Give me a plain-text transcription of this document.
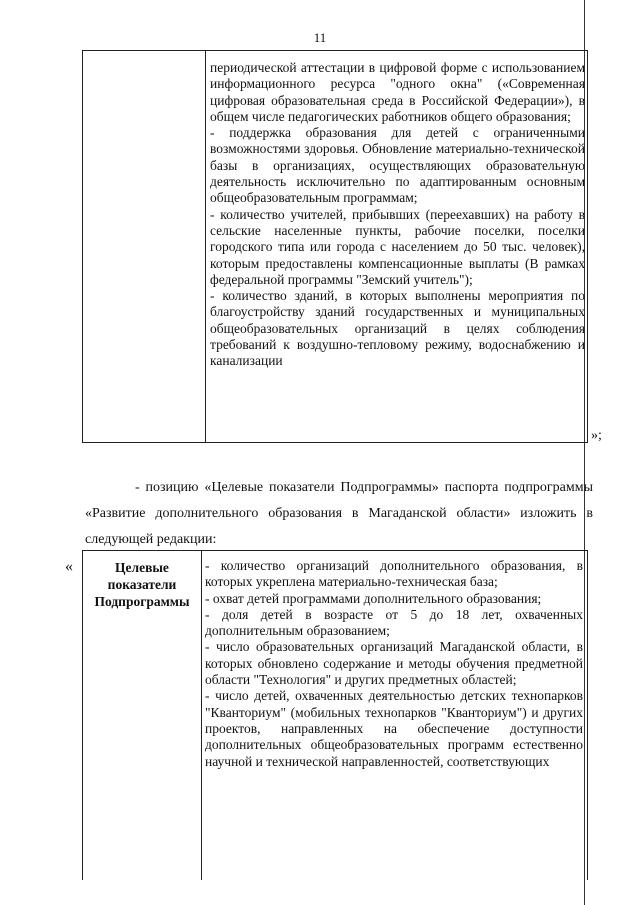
11
периодической аттестации в цифровой форме с использованием информационного ресурса "одного окна" («Современная цифровая образовательная среда в Российской Федерации»), в общем числе педагогических работников общего образования;
- поддержка образования для детей с ограниченными возможностями здоровья. Обновление материально-технической базы в организациях, осуществляющих образовательную деятельность исключительно по адаптированным основным общеобразовательным программам;
- количество учителей, прибывших (переехавших) на работу в сельские населенные пункты, рабочие поселки, поселки городского типа или города с населением до 50 тыс. человек), которым предоставлены компенсационные выплаты (В рамках федеральной программы "Земский учитель");
- количество зданий, в которых выполнены мероприятия по благоустройству зданий государственных и муниципальных общеобразовательных организаций в целях соблюдения требований к воздушно-тепловому режиму, водоснабжению и канализации
»;
- позицию «Целевые показатели Подпрограммы» паспорта подпрограммы «Развитие дополнительного образования в Магаданской области» изложить в следующей редакции:
«	Целевые показатели Подпрограммы
- количество организаций дополнительного образования, в которых укреплена материально-техническая база;
- охват детей программами дополнительного образования;
- доля детей в возрасте от 5 до 18 лет, охваченных дополнительным образованием;
- число образовательных организаций Магаданской области, в которых обновлено содержание и методы обучения предметной области "Технология" и других предметных областей;
- число детей, охваченных деятельностью детских технопарков "Кванториум" (мобильных технопарков "Кванториум") и других проектов, направленных на обеспечение доступности дополнительных общеобразовательных программ естественно научной и технической направленностей, соответствующих
